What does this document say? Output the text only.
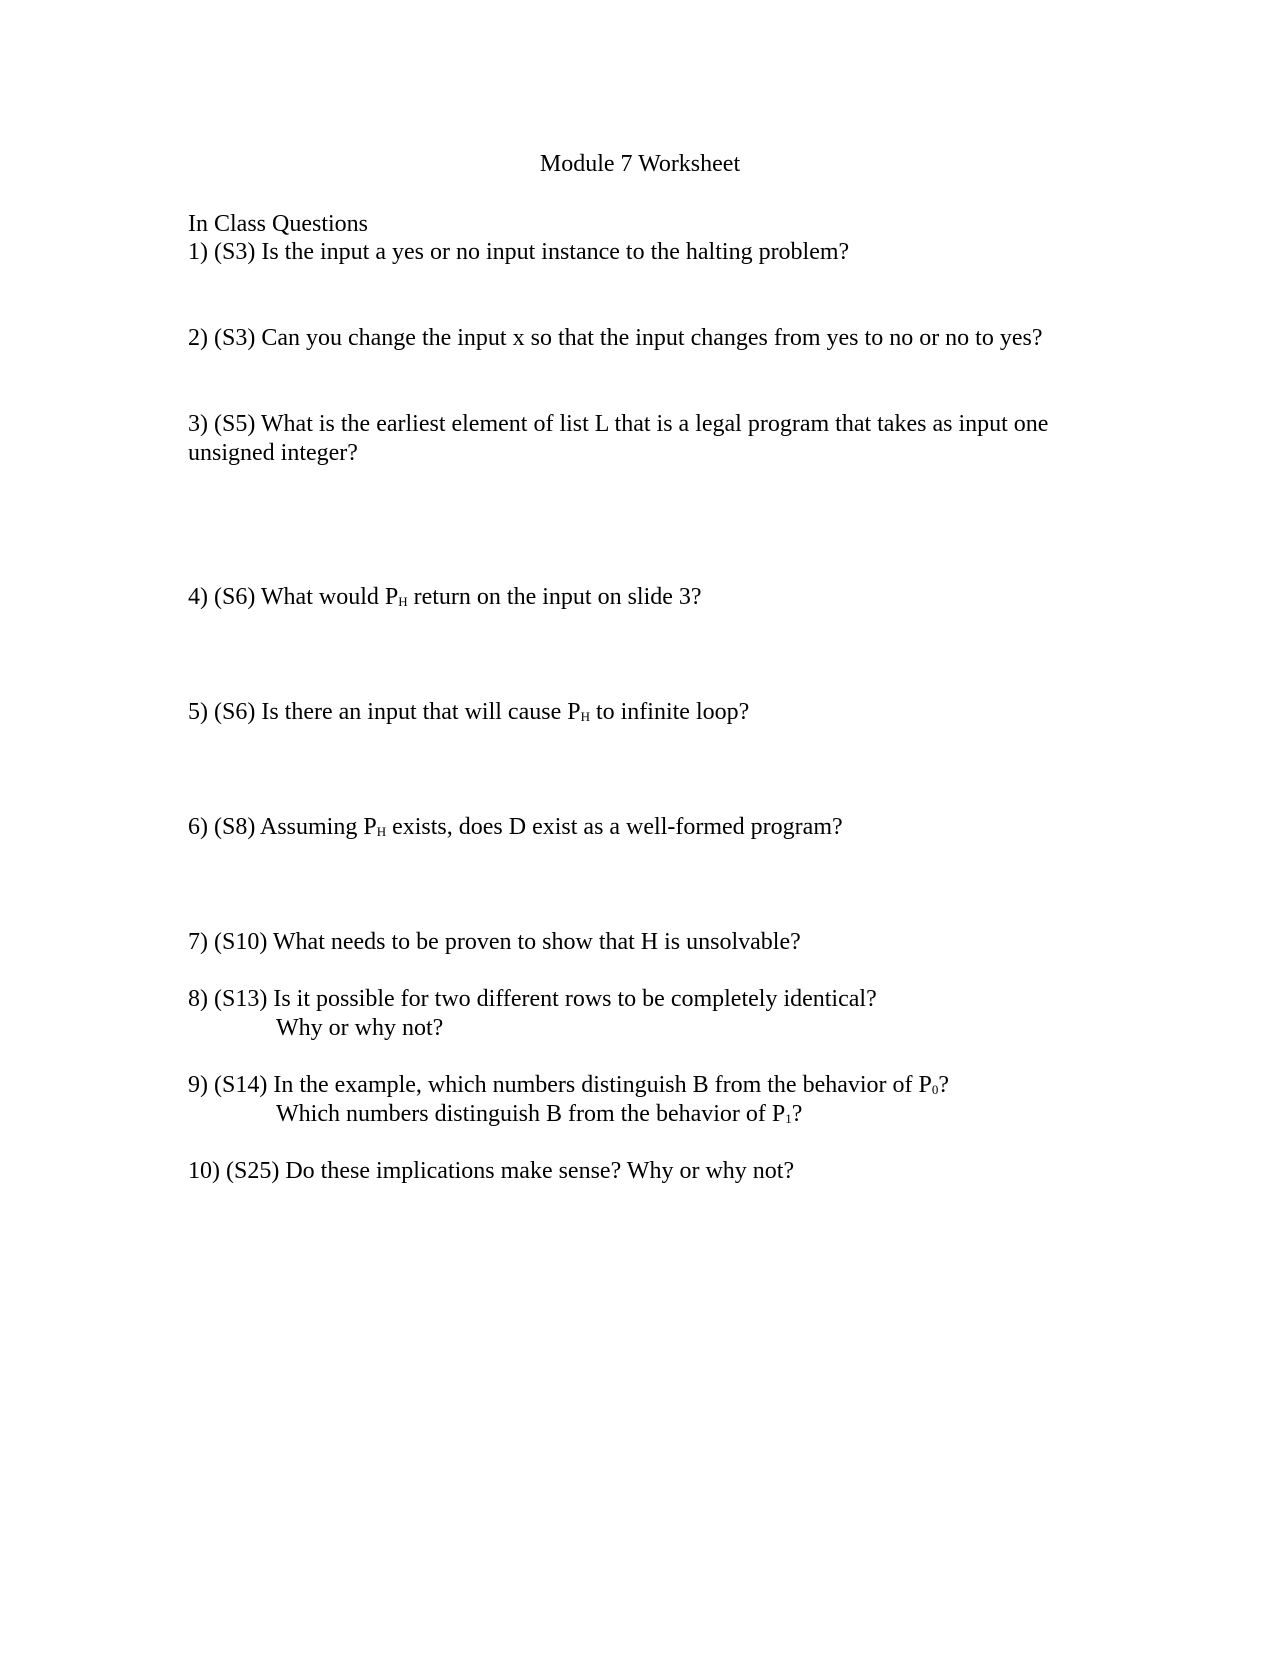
Module 7 Worksheet
In Class Questions
1) (S3) Is the input a yes or no input instance to the halting problem?
2) (S3) Can you change the input x so that the input changes from yes to no or no to yes?
3) (S5) What is the earliest element of list L that is a legal program that takes as input one
unsigned integer?
4) (S6) What would PH return on the input on slide 3?
5) (S6) Is there an input that will cause PH to infinite loop?
6) (S8) Assuming PH exists, does D exist as a well-formed program?
7) (S10) What needs to be proven to show that H is unsolvable?
8) (S13) Is it possible for two different rows to be completely identical?
Why or why not?
9) (S14) In the example, which numbers distinguish B from the behavior of P0?
Which numbers distinguish B from the behavior of P1?
10) (S25) Do these implications make sense? Why or why not?
